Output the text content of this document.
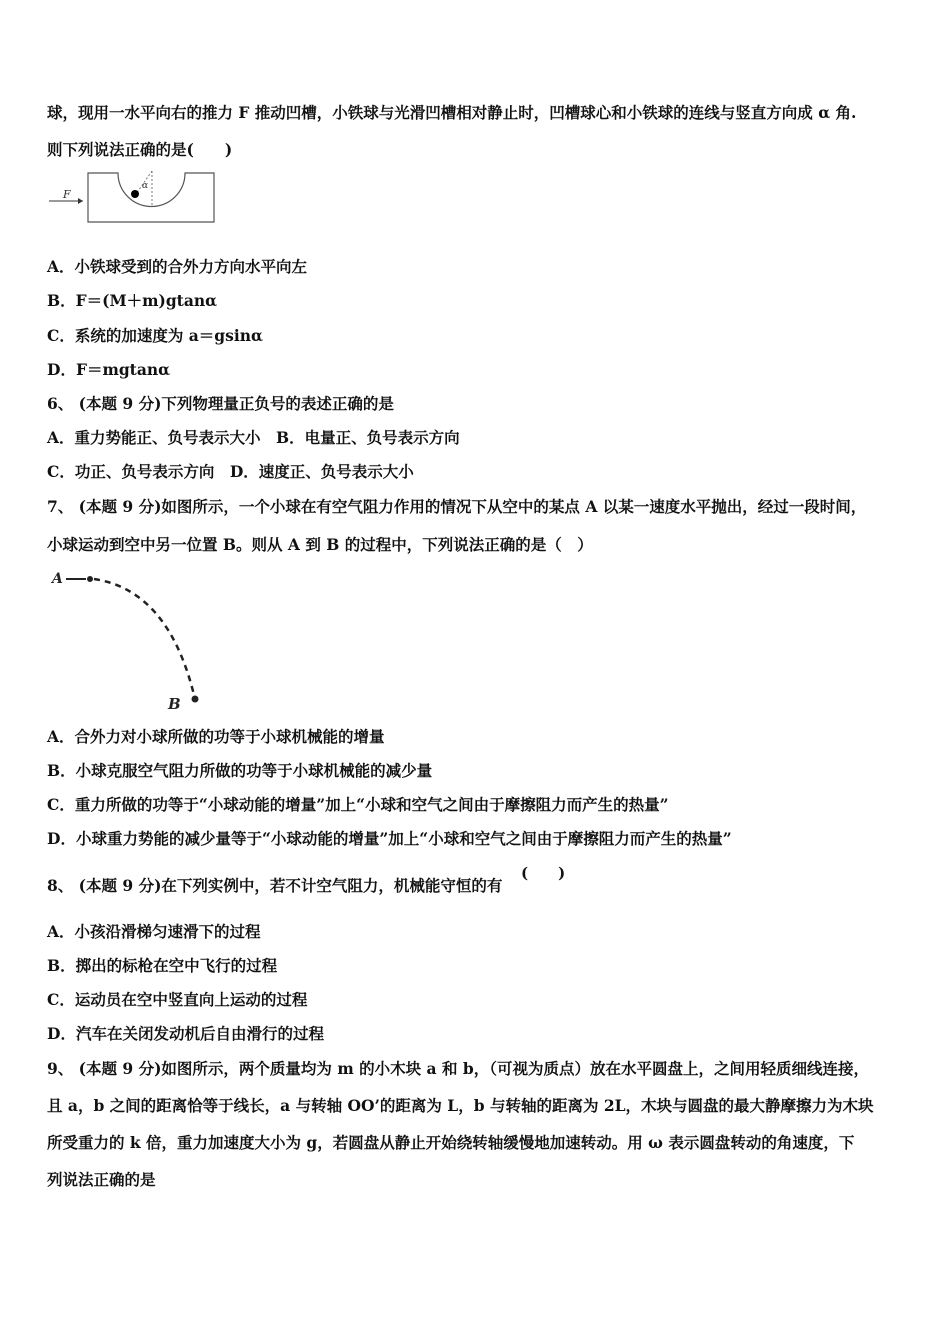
球，现用一水平向右的推力 F 推动凹槽，小铁球与光滑凹槽相对静止时，凹槽球心和小铁球的连线与竖直方向成 α 角.
则下列说法正确的是(　　)
F
α
A．小铁球受到的合外力方向水平向左
B．F＝(M＋m)gtanα
C．系统的加速度为 a＝gsinα
D．F＝mgtanα
6、 (本题 9 分)下列物理量正负号的表述正确的是
A．重力势能正、负号表示大小　B．电量正、负号表示方向
C．功正、负号表示方向　D．速度正、负号表示大小
7、 (本题 9 分)如图所示，一个小球在有空气阻力作用的情况下从空中的某点 A 以某一速度水平抛出，经过一段时间，
小球运动到空中另一位置 B。则从 A 到 B 的过程中，下列说法正确的是（　）
A
B
A．合外力对小球所做的功等于小球机械能的增量
B．小球克服空气阻力所做的功等于小球机械能的减少量
C．重力所做的功等于“小球动能的增量”加上“小球和空气之间由于摩擦阻力而产生的热量”
D．小球重力势能的减少量等于“小球动能的增量”加上“小球和空气之间由于摩擦阻力而产生的热量”
8、 (本题 9 分)在下列实例中，若不计空气阻力，机械能守恒的有
(　　)
A．小孩沿滑梯匀速滑下的过程
B．掷出的标枪在空中飞行的过程
C．运动员在空中竖直向上运动的过程
D．汽车在关闭发动机后自由滑行的过程
9、 (本题 9 分)如图所示，两个质量均为 m 的小木块 a 和 b，（可视为质点）放在水平圆盘上，之间用轻质细线连接，
且 a，b 之间的距离恰等于线长，a 与转轴 OO’的距离为 L，b 与转轴的距离为 2L，木块与圆盘的最大静摩擦力为木块
所受重力的 k 倍，重力加速度大小为 g，若圆盘从静止开始绕转轴缓慢地加速转动。用 ω 表示圆盘转动的角速度，下
列说法正确的是
